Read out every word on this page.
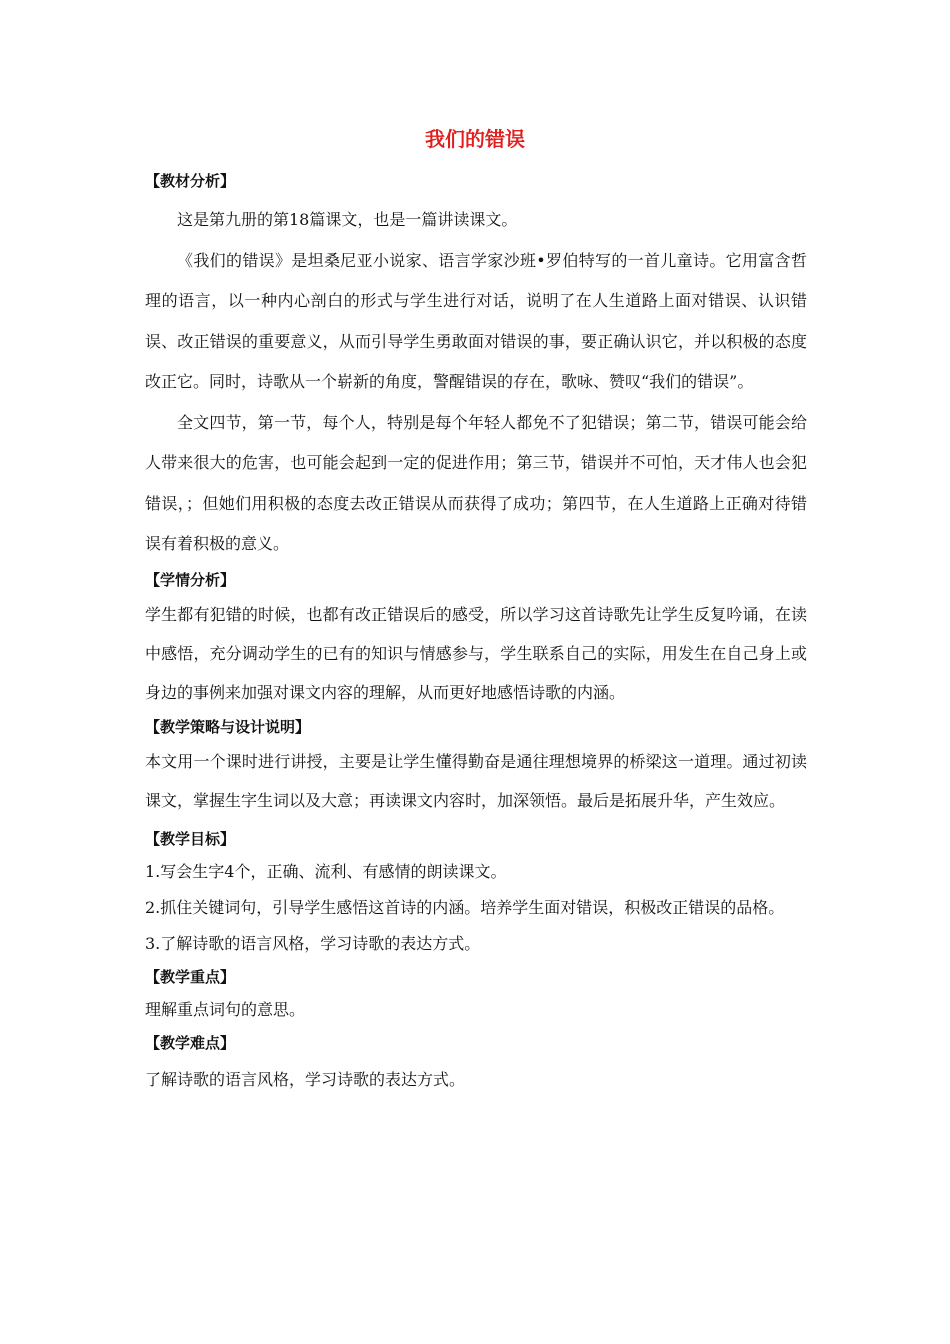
我们的错误

【教材分析】

这是第九册的第18篇课文，也是一篇讲读课文。

《我们的错误》是坦桑尼亚小说家、语言学家沙班•罗伯特写的一首儿童诗。它用富含哲理的语言，以一种内心剖白的形式与学生进行对话，说明了在人生道路上面对错误、认识错误、改正错误的重要意义，从而引导学生勇敢面对错误的事，要正确认识它，并以积极的态度改正它。同时，诗歌从一个崭新的角度，警醒错误的存在，歌咏、赞叹“我们的错误”。

全文四节，第一节，每个人，特别是每个年轻人都免不了犯错误；第二节，错误可能会给人带来很大的危害，也可能会起到一定的促进作用；第三节，错误并不可怕，天才伟人也会犯错误，；但她们用积极的态度去改正错误从而获得了成功；第四节，在人生道路上正确对待错误有着积极的意义。

【学情分析】

学生都有犯错的时候，也都有改正错误后的感受，所以学习这首诗歌先让学生反复吟诵，在读中感悟，充分调动学生的已有的知识与情感参与，学生联系自己的实际，用发生在自己身上或身边的事例来加强对课文内容的理解，从而更好地感悟诗歌的内涵。

【教学策略与设计说明】

本文用一个课时进行讲授，主要是让学生懂得勤奋是通往理想境界的桥梁这一道理。通过初读课文，掌握生字生词以及大意；再读课文内容时，加深领悟。最后是拓展升华，产生效应。

【教学目标】

1.写会生字4个，正确、流利、有感情的朗读课文。

2.抓住关键词句，引导学生感悟这首诗的内涵。培养学生面对错误，积极改正错误的品格。

3.了解诗歌的语言风格，学习诗歌的表达方式。

【教学重点】

理解重点词句的意思。

【教学难点】

了解诗歌的语言风格，学习诗歌的表达方式。
